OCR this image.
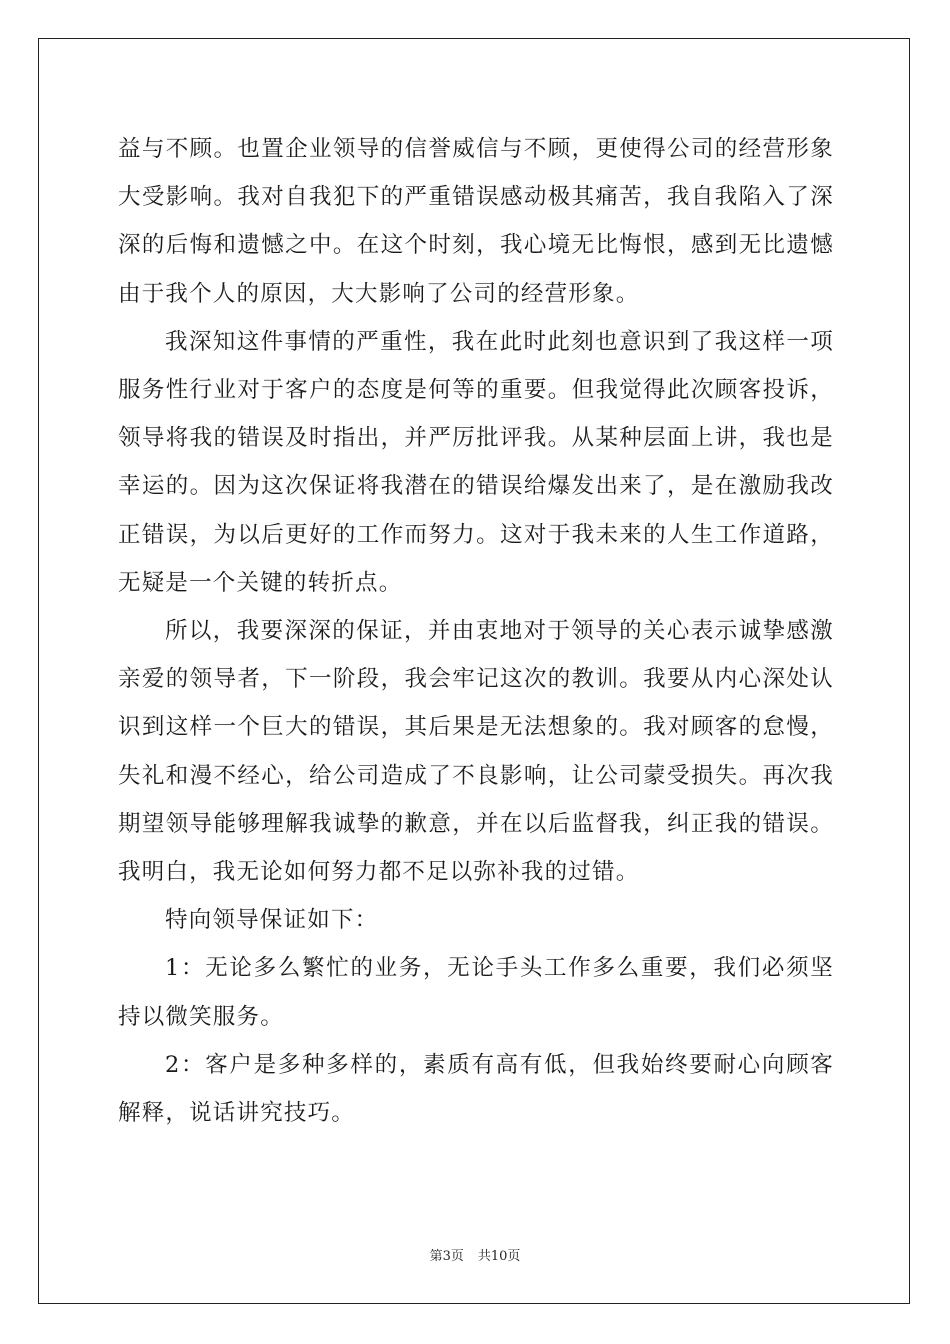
益与不顾。也置企业领导的信誉威信与不顾，更使得公司的经营形象大受影响。我对自我犯下的严重错误感动极其痛苦，我自我陷入了深深的后悔和遗憾之中。在这个时刻，我心境无比悔恨，感到无比遗憾由于我个人的原因，大大影响了公司的经营形象。

我深知这件事情的严重性，我在此时此刻也意识到了我这样一项服务性行业对于客户的态度是何等的重要。但我觉得此次顾客投诉，领导将我的错误及时指出，并严厉批评我。从某种层面上讲，我也是幸运的。因为这次保证将我潜在的错误给爆发出来了，是在激励我改正错误，为以后更好的工作而努力。这对于我未来的人生工作道路，无疑是一个关键的转折点。

所以，我要深深的保证，并由衷地对于领导的关心表示诚挚感激亲爱的领导者，下一阶段，我会牢记这次的教训。我要从内心深处认识到这样一个巨大的错误，其后果是无法想象的。我对顾客的怠慢，失礼和漫不经心，给公司造成了不良影响，让公司蒙受损失。再次我期望领导能够理解我诚挚的歉意，并在以后监督我，纠正我的错误。我明白，我无论如何努力都不足以弥补我的过错。

特向领导保证如下：

1：无论多么繁忙的业务，无论手头工作多么重要，我们必须坚持以微笑服务。

2：客户是多种多样的，素质有高有低，但我始终要耐心向顾客解释，说话讲究技巧。

第3页 共10页
